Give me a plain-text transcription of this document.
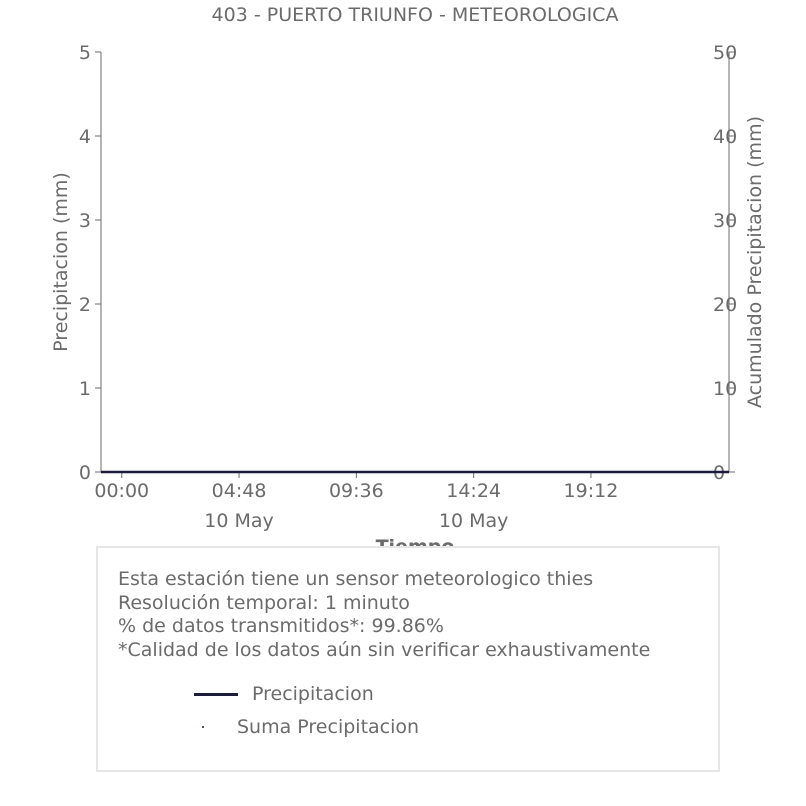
403 - PUERTO TRIUNFO - METEOROLOGICA
0
1
2
3
4
5
0
10
20
30
40
50
00:00	04:48
10 May
09:36	14:24
10 May
19:12
Precipitacion (mm)	Acumulado Precipitacion (mm)
Esta estación tiene un sensor meteorologico thies
Resolución temporal: 1 minuto
% de datos transmitidos*: 99.86%
*Calidad de los datos aún sin verificar exhaustivamente
Precipitacion
Suma Precipitacion
